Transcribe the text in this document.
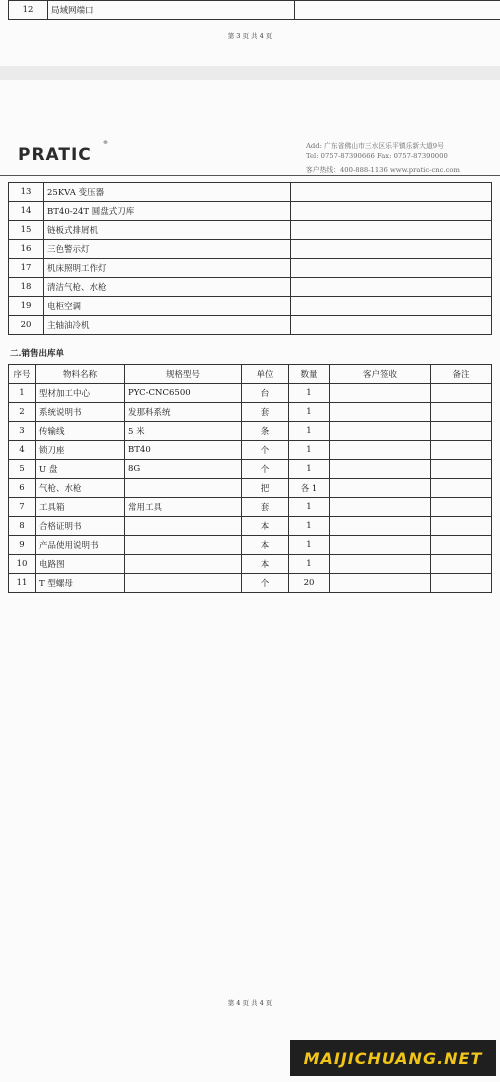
12	局域网端口	
第 3 页 共 4 页
PRATIC
®	Add: 广东省佛山市三水区乐平镇乐新大道9号
Tel: 0757-87390666 Fax: 0757-87390000
客户热线：400-888-1136 www.pratic-cnc.com
13	25KVA 变压器	
14	BT40-24T 圆盘式刀库	
15	链板式排屑机	
16	三色警示灯	
17	机床照明工作灯	
18	清洁气枪、水枪	
19	电柜空调	
20	主轴油冷机	
二.销售出库单
序号	物料名称	规格型号	单位	数量	客户签收	备注
1	型材加工中心	PYC-CNC6500	台	1		
2	系统说明书	发那科系统	套	1		
3	传输线	5 米	条	1		
4	锁刀座	BT40	个	1		
5	U 盘	8G	个	1		
6	气枪、水枪		把	各 1		
7	工具箱	常用工具	套	1		
8	合格证明书		本	1		
9	产品使用说明书		本	1		
10	电路图		本	1		
11	T 型螺母		个	20		
第 4 页 共 4 页
MAIJICHUANG.NET
